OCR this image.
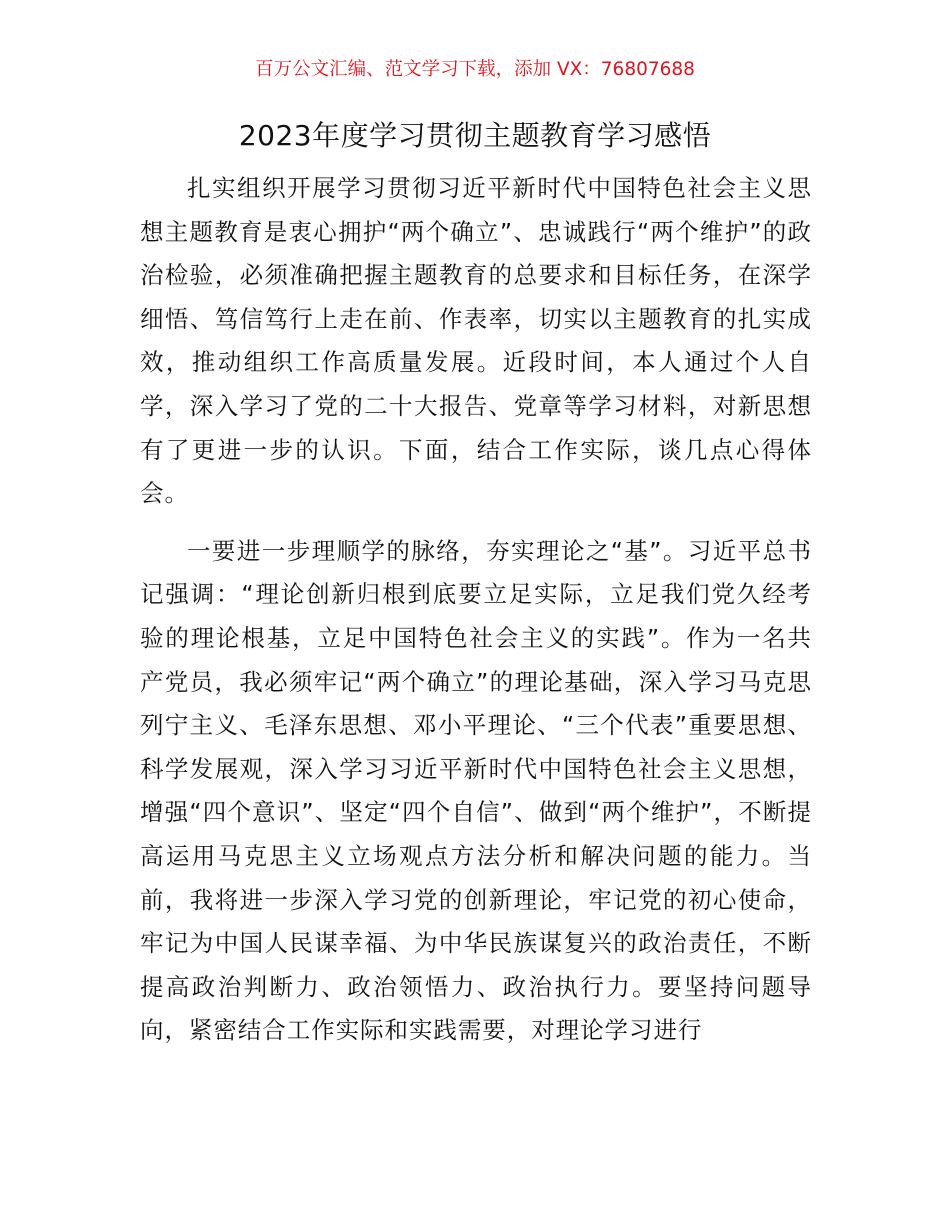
百万公文汇编、范文学习下载，添加 VX：76807688
2023年度学习贯彻主题教育学习感悟

扎实组织开展学习贯彻习近平新时代中国特色社会主义思想主题教育是衷心拥护“两个确立”、忠诚践行“两个维护”的政治检验，必须准确把握主题教育的总要求和目标任务，在深学细悟、笃信笃行上走在前、作表率，切实以主题教育的扎实成效，推动组织工作高质量发展。近段时间，本人通过个人自学，深入学习了党的二十大报告、党章等学习材料，对新思想有了更进一步的认识。下面，结合工作实际，谈几点心得体会。

一要进一步理顺学的脉络，夯实理论之“基”。习近平总书记强调：“理论创新归根到底要立足实际，立足我们党久经考验的理论根基，立足中国特色社会主义的实践”。作为一名共产党员，我必须牢记“两个确立”的理论基础，深入学习马克思列宁主义、毛泽东思想、邓小平理论、“三个代表”重要思想、科学发展观，深入学习习近平新时代中国特色社会主义思想，增强“四个意识”、坚定“四个自信”、做到“两个维护”，不断提高运用马克思主义立场观点方法分析和解决问题的能力。当前，我将进一步深入学习党的创新理论，牢记党的初心使命，牢记为中国人民谋幸福、为中华民族谋复兴的政治责任，不断提高政治判断力、政治领悟力、政治执行力。要坚持问题导向，紧密结合工作实际和实践需要，对理论学习进行
